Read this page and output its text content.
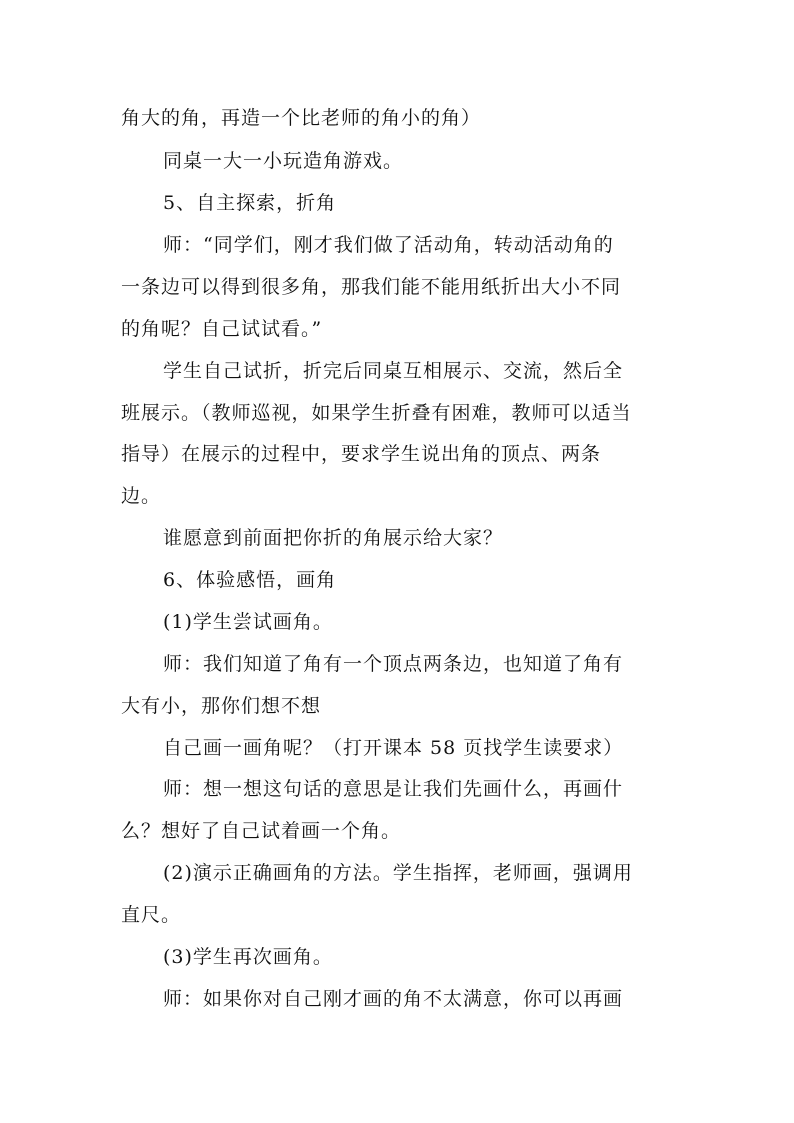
角大的角，再造一个比老师的角小的角）
同桌一大一小玩造角游戏。
5、自主探索，折角
师：“同学们，刚才我们做了活动角，转动活动角的
一条边可以得到很多角，那我们能不能用纸折出大小不同
的角呢？自己试试看。”
学生自己试折，折完后同桌互相展示、交流，然后全
班展示。（教师巡视，如果学生折叠有困难，教师可以适当
指导）在展示的过程中，要求学生说出角的顶点、两条
边。
谁愿意到前面把你折的角展示给大家？
6、体验感悟，画角
(1)学生尝试画角。
师：我们知道了角有一个顶点两条边，也知道了角有
大有小，那你们想不想
自己画一画角呢？（打开课本 58 页找学生读要求）
师：想一想这句话的意思是让我们先画什么，再画什
么？想好了自己试着画一个角。
(2)演示正确画角的方法。学生指挥，老师画，强调用
直尺。
(3)学生再次画角。
师：如果你对自己刚才画的角不太满意，你可以再画
